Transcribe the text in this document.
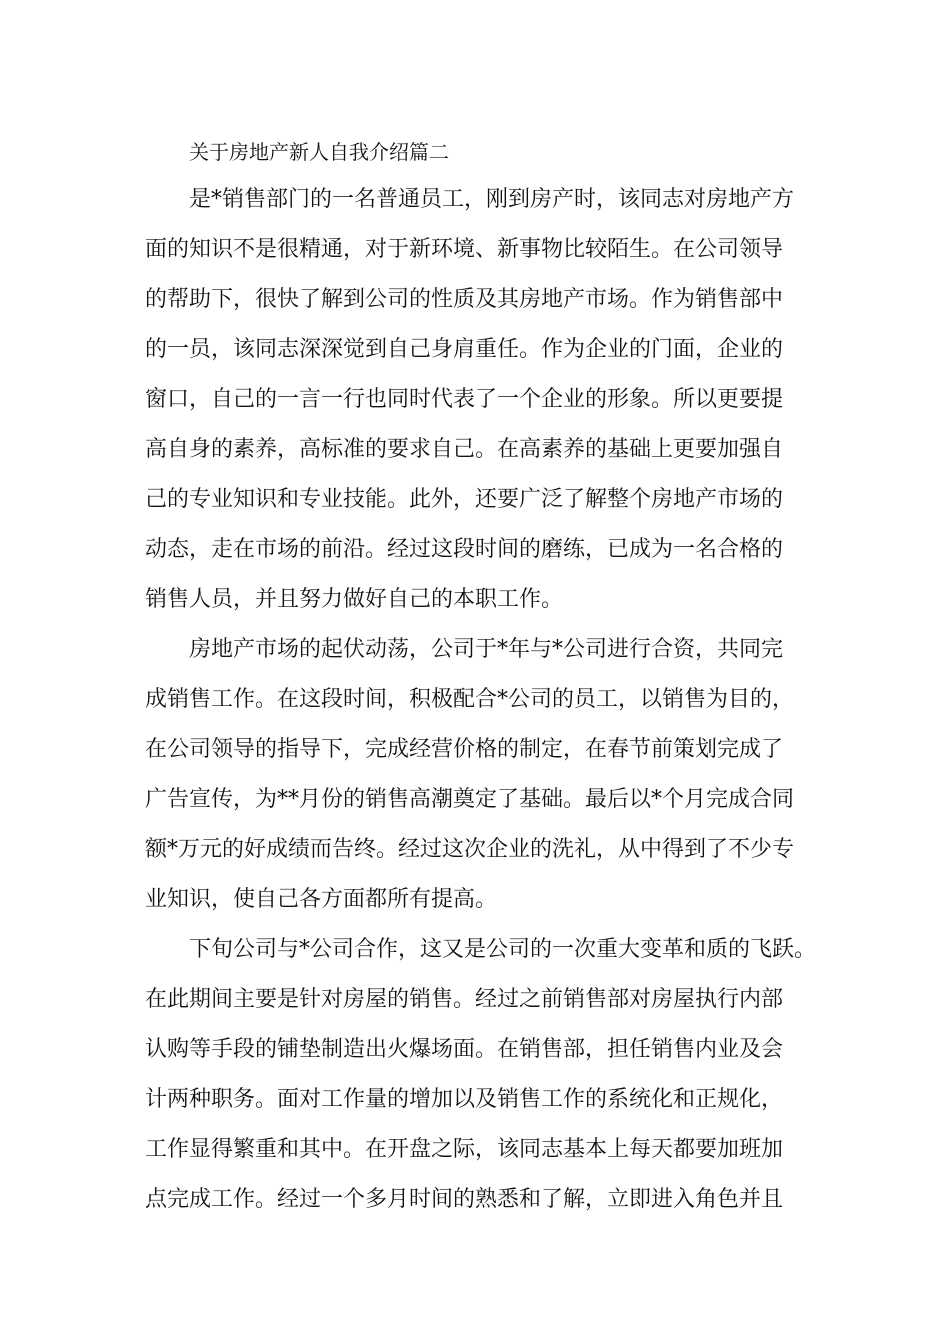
关于房地产新人自我介绍篇二

是*销售部门的一名普通员工，刚到房产时，该同志对房地产方

面的知识不是很精通，对于新环境、新事物比较陌生。在公司领导

的帮助下，很快了解到公司的性质及其房地产市场。作为销售部中

的一员，该同志深深觉到自己身肩重任。作为企业的门面，企业的

窗口，自己的一言一行也同时代表了一个企业的形象。所以更要提

高自身的素养，高标准的要求自己。在高素养的基础上更要加强自

己的专业知识和专业技能。此外，还要广泛了解整个房地产市场的

动态，走在市场的前沿。经过这段时间的磨练，已成为一名合格的

销售人员，并且努力做好自己的本职工作。

房地产市场的起伏动荡，公司于*年与*公司进行合资，共同完

成销售工作。在这段时间，积极配合*公司的员工，以销售为目的，

在公司领导的指导下，完成经营价格的制定，在春节前策划完成了

广告宣传，为**月份的销售高潮奠定了基础。最后以*个月完成合同

额*万元的好成绩而告终。经过这次企业的洗礼，从中得到了不少专

业知识，使自己各方面都所有提高。

下旬公司与*公司合作，这又是公司的一次重大变革和质的飞跃。

在此期间主要是针对房屋的销售。经过之前销售部对房屋执行内部

认购等手段的铺垫制造出火爆场面。在销售部，担任销售内业及会

计两种职务。面对工作量的增加以及销售工作的系统化和正规化，

工作显得繁重和其中。在开盘之际，该同志基本上每天都要加班加

点完成工作。经过一个多月时间的熟悉和了解，立即进入角色并且
